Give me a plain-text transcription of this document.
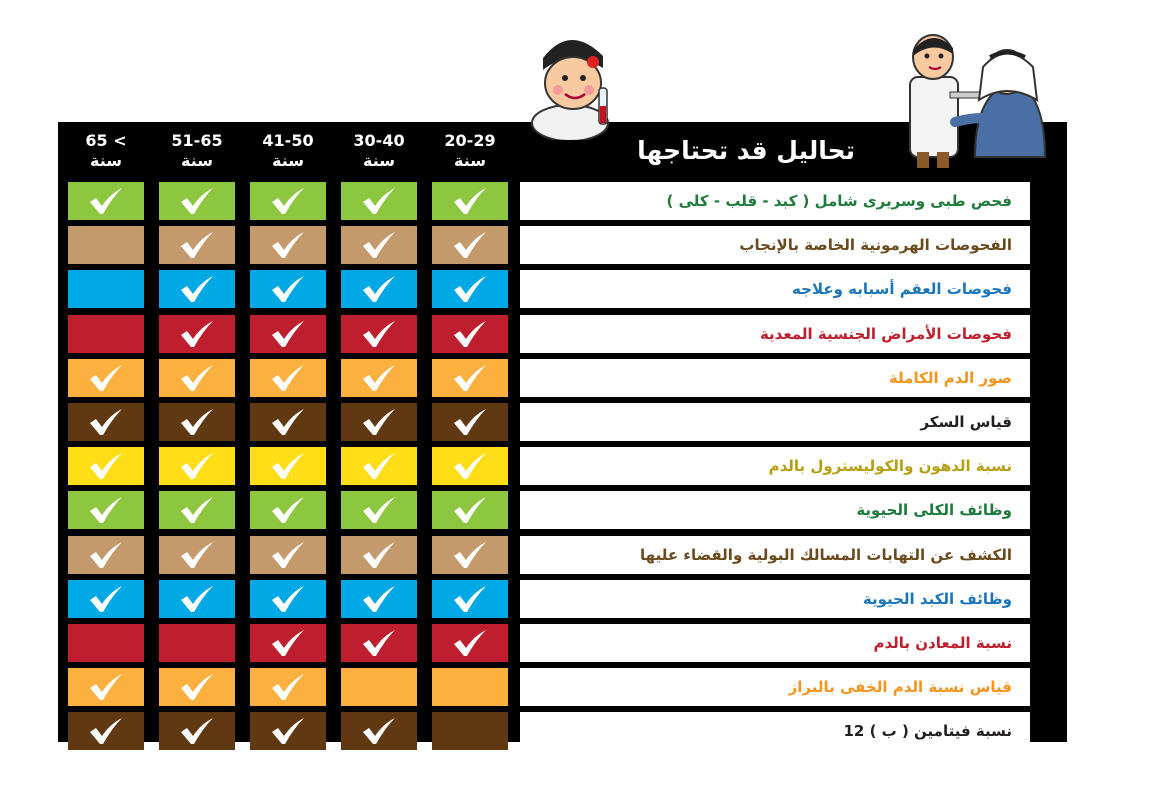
تحاليل قد تحتاجها
20-29
سنة
30-40
سنة
41-50
سنة
51-65
سنة
65 <
سنة
فحص طبى وسريرى شامل ( كبد - قلب - كلى )
الفحوصات الهرمونية الخاصة بالإنجاب
فحوصات العقم أسبابه وعلاجه
فحوصات الأمراض الجنسية المعدية
صور الدم الكاملة
قياس السكر
نسبة الدهون والكوليسترول بالدم
وظائف الكلى الحيوية
الكشف عن التهابات المسالك البولية والقضاء عليها
وظائف الكبد الحيوية
نسبة المعادن بالدم
قياس نسبة الدم الخفى بالبراز
نسبة فيتامين ( ب ) 12
